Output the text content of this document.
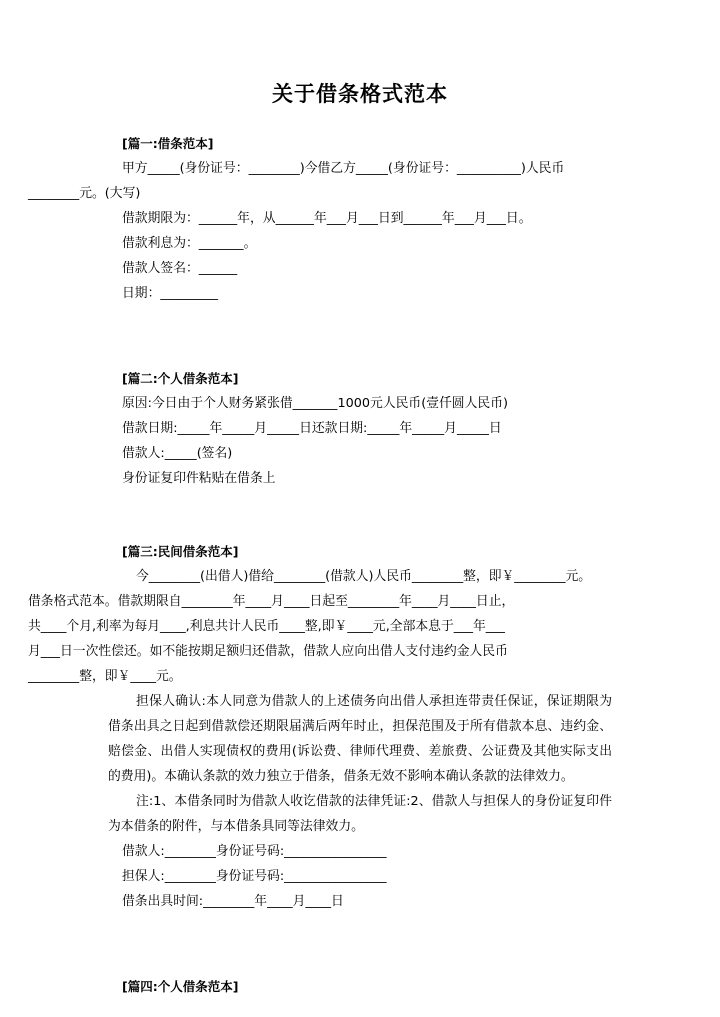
关于借条格式范本
[篇一:借条范本]
甲方_____(身份证号：________)今借乙方_____(身份证号：__________)人民币
________元。(大写)
借款期限为：______年，从______年___月___日到______年___月___日。
借款利息为：_______。
借款人签名：______
日期：_________
[篇二:个人借条范本]
原因:今日由于个人财务紧张借_______1000元人民币(壹仟圆人民币)
借款日期:_____年_____月_____日还款日期:_____年_____月_____日
借款人:_____(签名)
身份证复印件粘贴在借条上
[篇三:民间借条范本]
今________(出借人)借给________(借款人)人民币________整，即￥________元。
借条格式范本。借款期限自________年____月____日起至________年____月____日止，
共____个月,利率为每月____,利息共计人民币____整,即￥____元,全部本息于___年___
月___日一次性偿还。如不能按期足额归还借款，借款人应向出借人支付违约金人民币
________整，即￥____元。
担保人确认:本人同意为借款人的上述债务向出借人承担连带责任保证，保证期限为借条出具之日起到借款偿还期限届满后两年时止，担保范围及于所有借款本息、违约金、赔偿金、出借人实现债权的费用(诉讼费、律师代理费、差旅费、公证费及其他实际支出的费用)。本确认条款的效力独立于借条，借条无效不影响本确认条款的法律效力。
注:1、本借条同时为借款人收讫借款的法律凭证:2、借款人与担保人的身份证复印件为本借条的附件，与本借条具同等法律效力。
借款人:________身份证号码:________________
担保人:________身份证号码:________________
借条出具时间:________年____月____日
[篇四:个人借条范本]
